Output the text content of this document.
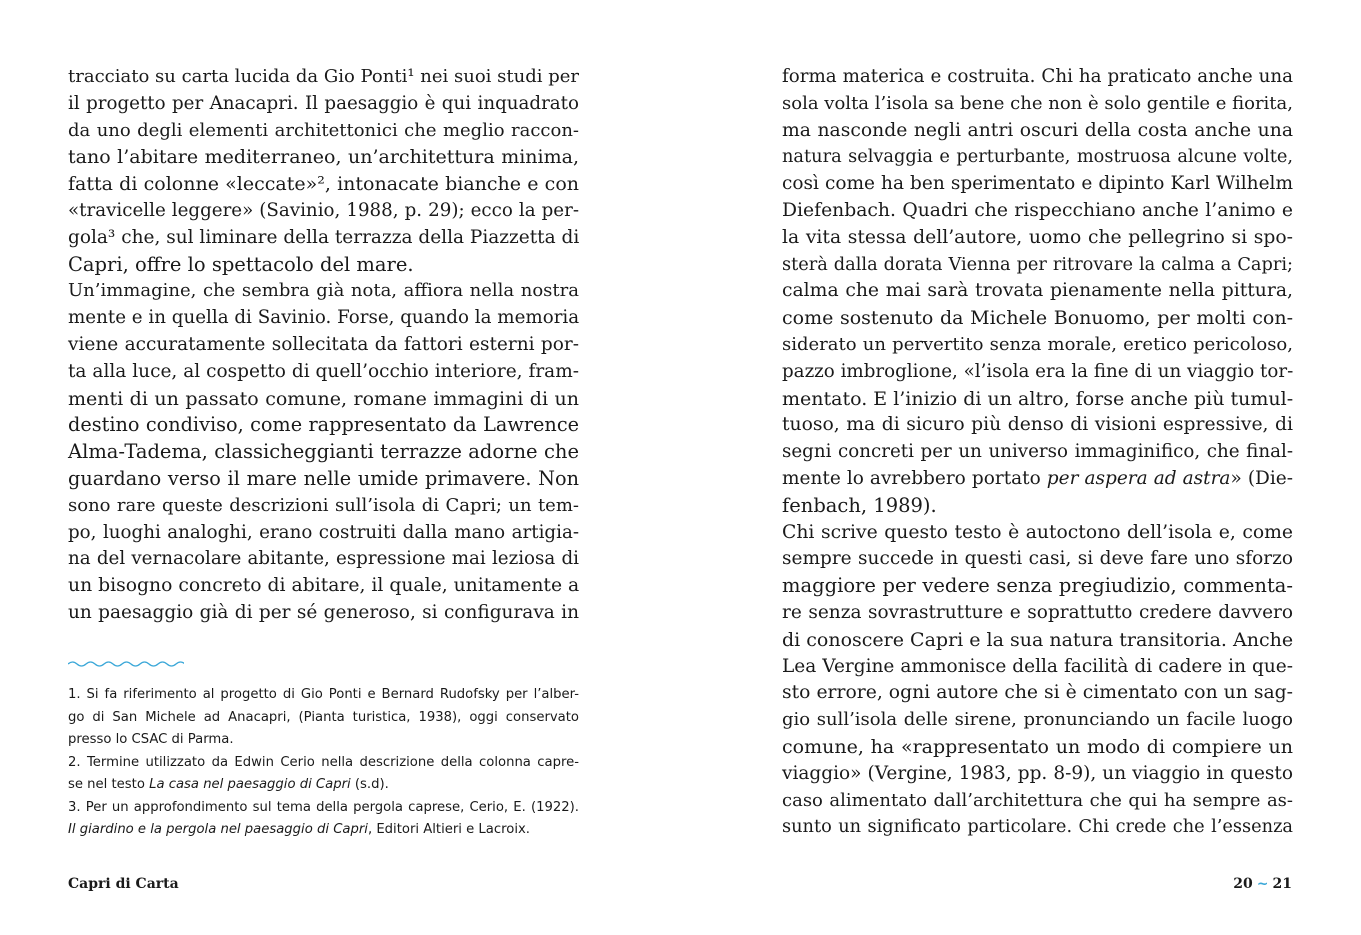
tracciato su carta lucida da Gio Ponti¹ nei suoi studi per
il progetto per Anacapri. Il paesaggio è qui inquadrato
da uno degli elementi architettonici che meglio raccon-
tano l’abitare mediterraneo, un’architettura minima,
fatta di colonne «leccate»², intonacate bianche e con
«travicelle leggere» (Savinio, 1988, p. 29); ecco la per-
gola³ che, sul liminare della terrazza della Piazzetta di
Capri, offre lo spettacolo del mare.
Un’immagine, che sembra già nota, affiora nella nostra
mente e in quella di Savinio. Forse, quando la memoria
viene accuratamente sollecitata da fattori esterni por-
ta alla luce, al cospetto di quell’occhio interiore, fram-
menti di un passato comune, romane immagini di un
destino condiviso, come rappresentato da Lawrence
Alma-Tadema, classicheggianti terrazze adorne che
guardano verso il mare nelle umide primavere. Non
sono rare queste descrizioni sull’isola di Capri; un tem-
po, luoghi analoghi, erano costruiti dalla mano artigia-
na del vernacolare abitante, espressione mai leziosa di
un bisogno concreto di abitare, il quale, unitamente a
un paesaggio già di per sé generoso, si configurava in
1. Si fa riferimento al progetto di Gio Ponti e Bernard Rudofsky per l’alber-
go di San Michele ad Anacapri, (Pianta turistica, 1938), oggi conservato
presso lo CSAC di Parma.
2. Termine utilizzato da Edwin Cerio nella descrizione della colonna capre-
se nel testo La casa nel paesaggio di Capri (s.d).
3. Per un approfondimento sul tema della pergola caprese, Cerio, E. (1922).
Il giardino e la pergola nel paesaggio di Capri, Editori Altieri e Lacroix.
Capri di Carta
forma materica e costruita. Chi ha praticato anche una
sola volta l’isola sa bene che non è solo gentile e fiorita,
ma nasconde negli antri oscuri della costa anche una
natura selvaggia e perturbante, mostruosa alcune volte,
così come ha ben sperimentato e dipinto Karl Wilhelm
Diefenbach. Quadri che rispecchiano anche l’animo e
la vita stessa dell’autore, uomo che pellegrino si spo-
sterà dalla dorata Vienna per ritrovare la calma a Capri;
calma che mai sarà trovata pienamente nella pittura,
come sostenuto da Michele Bonuomo, per molti con-
siderato un pervertito senza morale, eretico pericoloso,
pazzo imbroglione, «l’isola era la fine di un viaggio tor-
mentato. E l’inizio di un altro, forse anche più tumul-
tuoso, ma di sicuro più denso di visioni espressive, di
segni concreti per un universo immaginifico, che final-
mente lo avrebbero portato per aspera ad astra» (Die-
fenbach, 1989).
Chi scrive questo testo è autoctono dell’isola e, come
sempre succede in questi casi, si deve fare uno sforzo
maggiore per vedere senza pregiudizio, commenta-
re senza sovrastrutture e soprattutto credere davvero
di conoscere Capri e la sua natura transitoria. Anche
Lea Vergine ammonisce della facilità di cadere in que-
sto errore, ogni autore che si è cimentato con un sag-
gio sull’isola delle sirene, pronunciando un facile luogo
comune, ha «rappresentato un modo di compiere un
viaggio» (Vergine, 1983, pp. 8-9), un viaggio in questo
caso alimentato dall’architettura che qui ha sempre as-
sunto un significato particolare. Chi crede che l’essenza
20 ~ 21
